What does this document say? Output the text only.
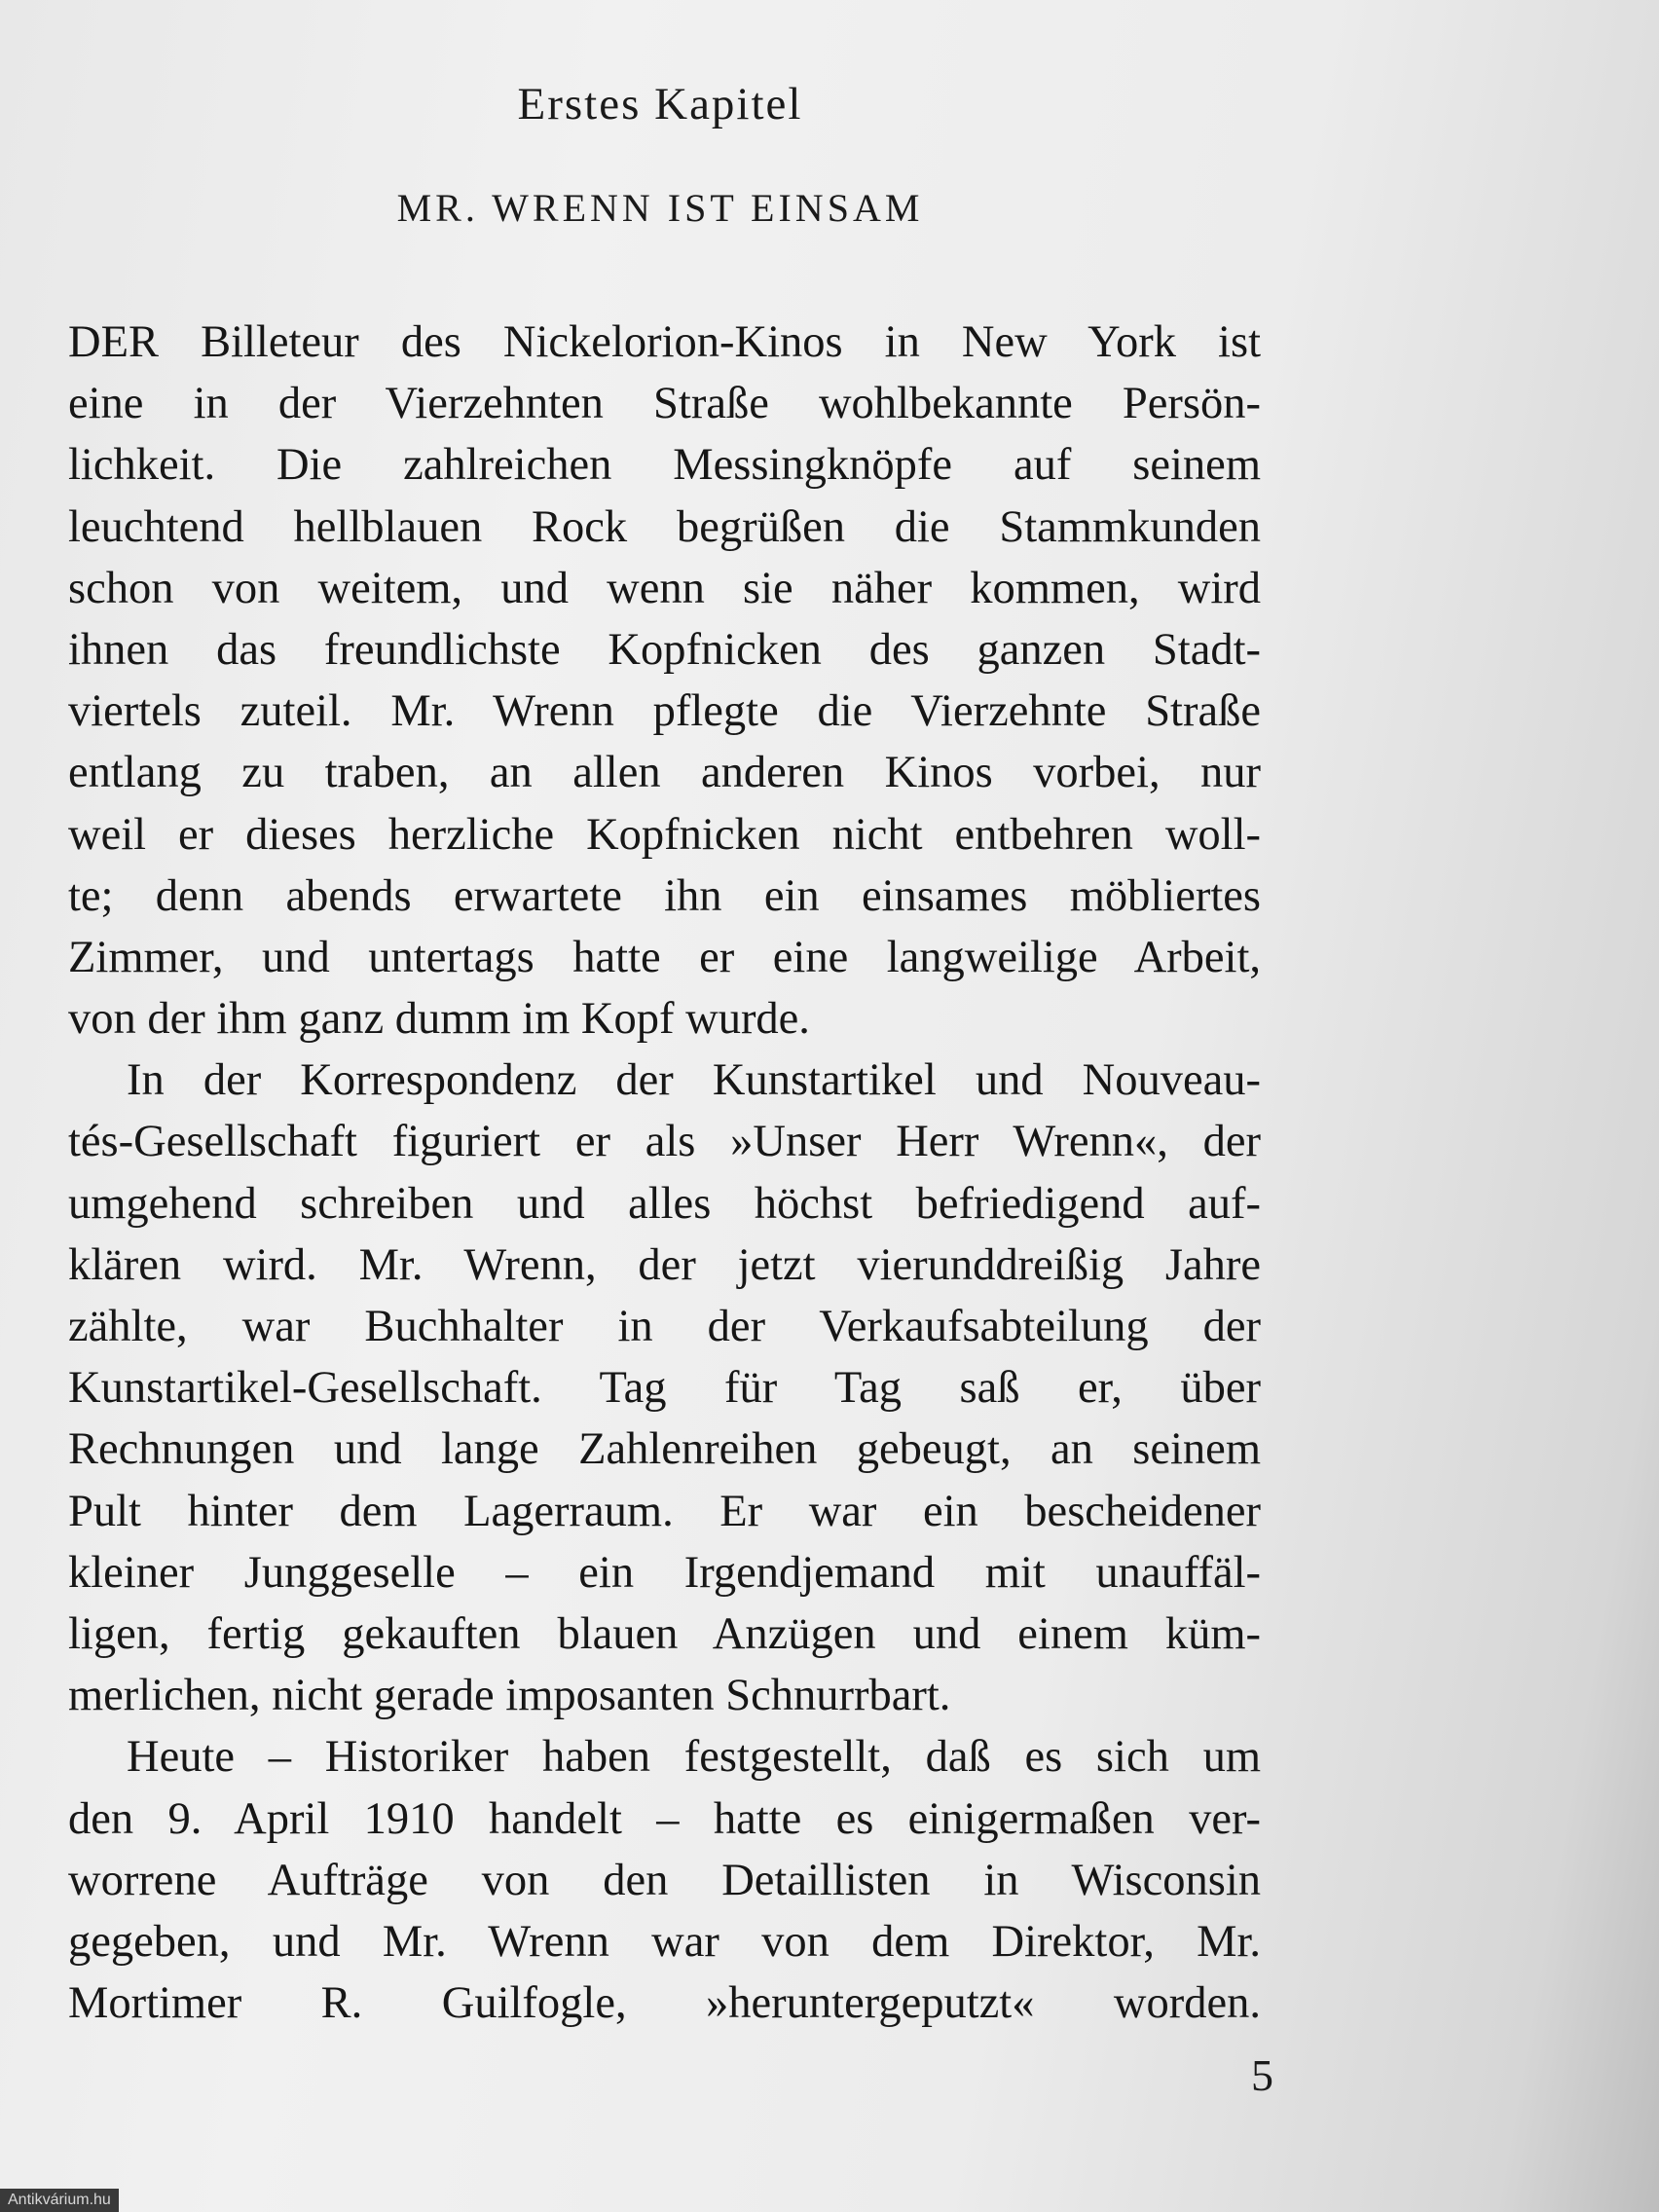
Erstes Kapitel
MR. WRENN IST EINSAM
DER Billeteur des Nickelorion-Kinos in New York ist
eine in der Vierzehnten Straße wohlbekannte Persön-
lichkeit. Die zahlreichen Messingknöpfe auf seinem
leuchtend hellblauen Rock begrüßen die Stammkunden
schon von weitem, und wenn sie näher kommen, wird
ihnen das freundlichste Kopfnicken des ganzen Stadt-
viertels zuteil. Mr. Wrenn pflegte die Vierzehnte Straße
entlang zu traben, an allen anderen Kinos vorbei, nur
weil er dieses herzliche Kopfnicken nicht entbehren woll-
te; denn abends erwartete ihn ein einsames möbliertes
Zimmer, und untertags hatte er eine langweilige Arbeit,
von der ihm ganz dumm im Kopf wurde.
In der Korrespondenz der Kunstartikel und Nouveau-
tés-Gesellschaft figuriert er als »Unser Herr Wrenn«, der
umgehend schreiben und alles höchst befriedigend auf-
klären wird. Mr. Wrenn, der jetzt vierunddreißig Jahre
zählte, war Buchhalter in der Verkaufsabteilung der
Kunstartikel-Gesellschaft. Tag für Tag saß er, über
Rechnungen und lange Zahlenreihen gebeugt, an seinem
Pult hinter dem Lagerraum. Er war ein bescheidener
kleiner Junggeselle – ein Irgendjemand mit unauffäl-
ligen, fertig gekauften blauen Anzügen und einem küm-
merlichen, nicht gerade imposanten Schnurrbart.
Heute – Historiker haben festgestellt, daß es sich um
den 9. April 1910 handelt – hatte es einigermaßen ver-
worrene Aufträge von den Detaillisten in Wisconsin
gegeben, und Mr. Wrenn war von dem Direktor, Mr.
Mortimer R. Guilfogle, »heruntergeputzt« worden.
5
Antikvárium.hu
